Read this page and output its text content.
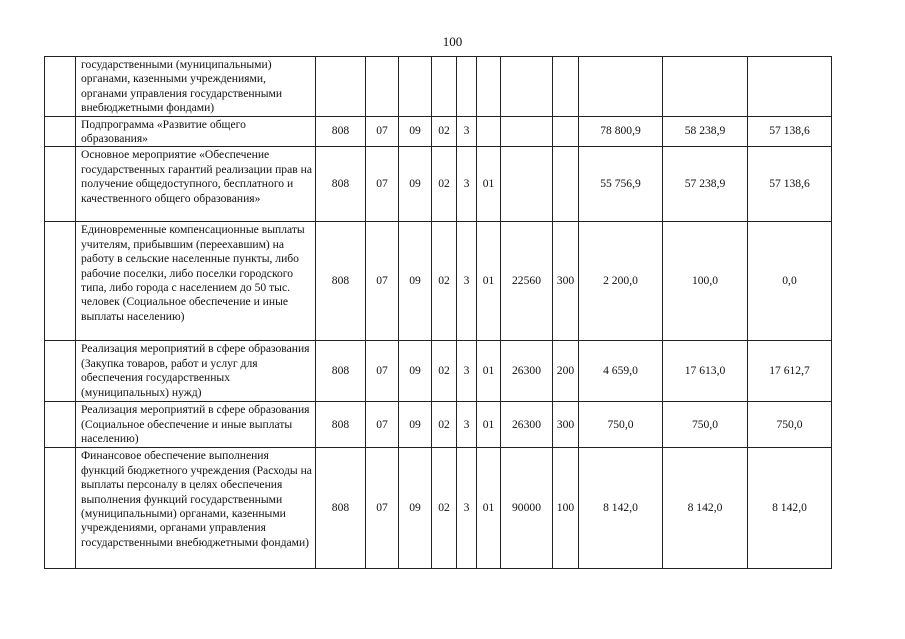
100
	государственными (муниципальными) органами, казенными учреждениями, органами управления государственными внебюджетными фондами)											
	Подпрограмма «Развитие общего образования»	808	07	09	02	3				78 800,9	58 238,9	57 138,6
	Основное мероприятие «Обеспечение государственных гарантий реализации прав на получение общедоступного, бесплатного и качественного общего образования»	808	07	09	02	3	01			55 756,9	57 238,9	57 138,6
	Единовременные компенсационные выплаты учителям, прибывшим (переехавшим) на работу в сельские населенные пункты, либо рабочие поселки, либо поселки городского типа, либо города с населением до 50 тыс. человек (Социальное обеспечение и иные выплаты населению)	808	07	09	02	3	01	22560	300	2 200,0	100,0	0,0
	Реализация мероприятий в сфере образования (Закупка товаров, работ и услуг для обеспечения государственных (муниципальных) нужд)	808	07	09	02	3	01	26300	200	4 659,0	17 613,0	17 612,7
	Реализация мероприятий в сфере образования (Социальное обеспечение и иные выплаты населению)	808	07	09	02	3	01	26300	300	750,0	750,0	750,0
	Финансовое обеспечение выполнения функций бюджетного учреждения (Расходы на выплаты персоналу в целях обеспечения выполнения функций государственными (муниципальными) органами, казенными учреждениями, органами управления государственными внебюджетными фондами)	808	07	09	02	3	01	90000	100	8 142,0	8 142,0	8 142,0
